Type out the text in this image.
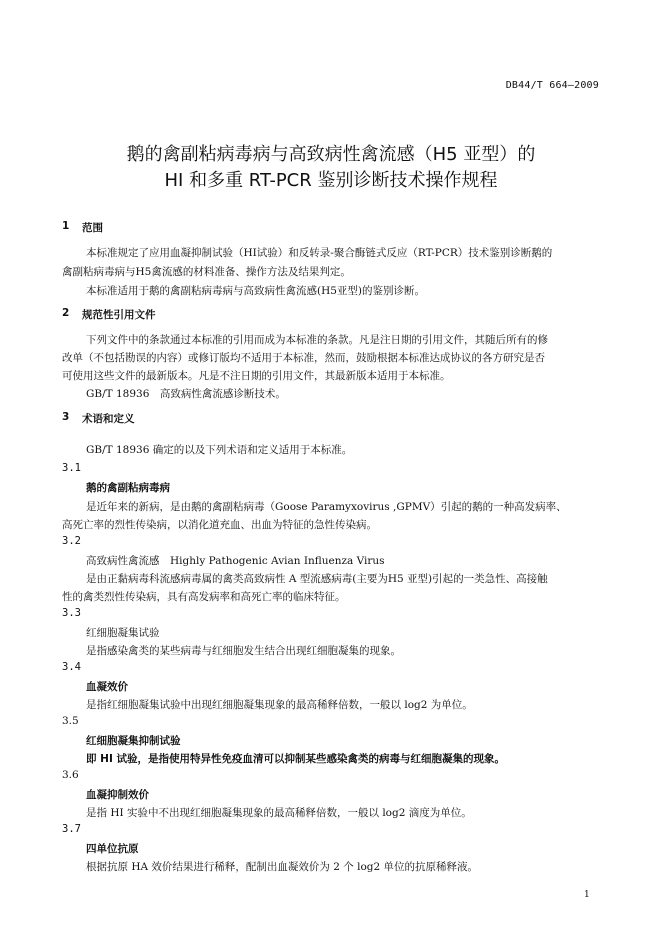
DB44/T 664—2009
鹅的禽副粘病毒病与高致病性禽流感（H5 亚型）的
HI 和多重 RT-PCR 鉴别诊断技术操作规程
1 范围
本标准规定了应用血凝抑制试验（HI试验）和反转录-聚合酶链式反应（RT-PCR）技术鉴别诊断鹅的
禽副粘病毒病与H5禽流感的材料准备、操作方法及结果判定。
本标准适用于鹅的禽副粘病毒病与高致病性禽流感(H5亚型)的鉴别诊断。
2 规范性引用文件
下列文件中的条款通过本标准的引用而成为本标准的条款。凡是注日期的引用文件，其随后所有的修
改单（不包括勘误的内容）或修订版均不适用于本标准，然而，鼓励根据本标准达成协议的各方研究是否
可使用这些文件的最新版本。凡是不注日期的引用文件，其最新版本适用于本标准。
GB/T 18936　高致病性禽流感诊断技术。
3 术语和定义
GB/T 18936 确定的以及下列术语和定义适用于本标准。
3.1
鹅的禽副粘病毒病
是近年来的新病，是由鹅的禽副粘病毒（Goose Paramyxovirus ,GPMV）引起的鹅的一种高发病率、
高死亡率的烈性传染病，以消化道充血、出血为特征的急性传染病。
3.2
高致病性禽流感　Highly Pathogenic Avian Influenza Virus
是由正黏病毒科流感病毒属的禽类高致病性 A 型流感病毒(主要为H5 亚型)引起的一类急性、高接触
性的禽类烈性传染病，具有高发病率和高死亡率的临床特征。
3.3
红细胞凝集试验
是指感染禽类的某些病毒与红细胞发生结合出现红细胞凝集的现象。
3.4
血凝效价
是指红细胞凝集试验中出现红细胞凝集现象的最高稀释倍数，一般以 log2 为单位。
3.5
红细胞凝集抑制试验
即 HI 试验，是指使用特异性免疫血清可以抑制某些感染禽类的病毒与红细胞凝集的现象。
3.6
血凝抑制效价
是指 HI 实验中不出现红细胞凝集现象的最高稀释倍数，一般以 log2 滴度为单位。
3.7
四单位抗原
根据抗原 HA 效价结果进行稀释，配制出血凝效价为 2 个 log2 单位的抗原稀释液。
1
